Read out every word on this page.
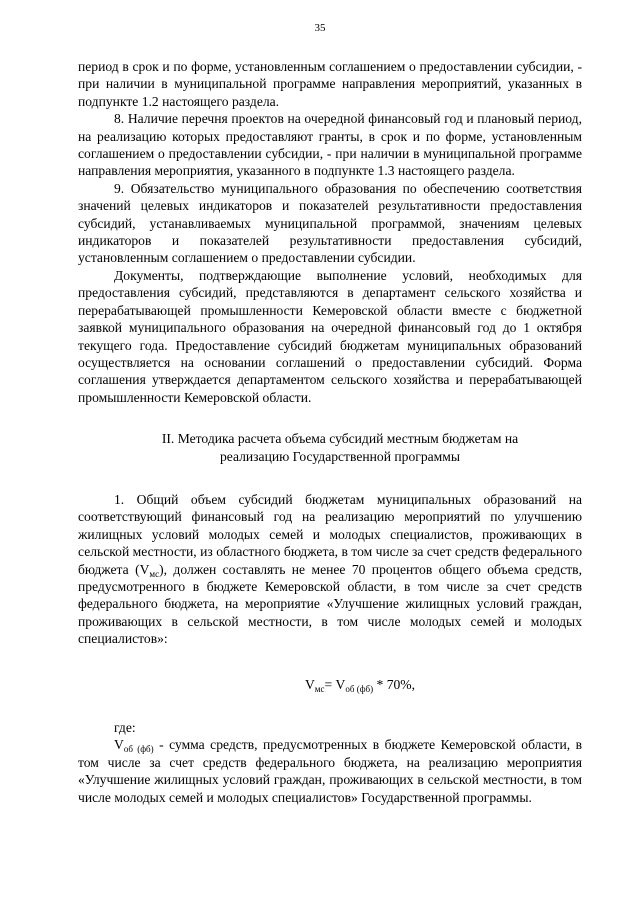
35

период в срок и по форме, установленным соглашением о предоставлении субсидии, - при наличии в муниципальной программе направления мероприятий, указанных в подпункте 1.2 настоящего раздела.

8. Наличие перечня проектов на очередной финансовый год и плановый период, на реализацию которых предоставляют гранты, в срок и по форме, установленным соглашением о предоставлении субсидии, - при наличии в муниципальной программе направления мероприятия, указанного в подпункте 1.3 настоящего раздела.

9. Обязательство муниципального образования по обеспечению соответствия значений целевых индикаторов и показателей результативности предоставления субсидий, устанавливаемых муниципальной программой, значениям целевых индикаторов и показателей результативности предоставления субсидий, установленным соглашением о предоставлении субсидии.

Документы, подтверждающие выполнение условий, необходимых для предоставления субсидий, представляются в департамент сельского хозяйства и перерабатывающей промышленности Кемеровской области вместе с бюджетной заявкой муниципального образования на очередной финансовый год до 1 октября текущего года. Предоставление субсидий бюджетам муниципальных образований осуществляется на основании соглашений о предоставлении субсидий. Форма соглашения утверждается департаментом сельского хозяйства и перерабатывающей промышленности Кемеровской области.

II. Методика расчета объема субсидий местным бюджетам на
реализацию Государственной программы

1. Общий объем субсидий бюджетам муниципальных образований на соответствующий финансовый год на реализацию мероприятий по улучшению жилищных условий молодых семей и молодых специалистов, проживающих в сельской местности, из областного бюджета, в том числе за счет средств федерального бюджета $(V_{мс})$, должен составлять не менее 70 процентов общего объема средств, предусмотренного в бюджете Кемеровской области, в том числе за счет средств федерального бюджета, на мероприятие «Улучшение жилищных условий граждан, проживающих в сельской местности, в том числе молодых семей и молодых специалистов»:

$V_{мс}= V_{об (фб)} * 70\%$,

где:

$V_{об (фб)}$ - сумма средств, предусмотренных в бюджете Кемеровской области, в том числе за счет средств федерального бюджета, на реализацию мероприятия «Улучшение жилищных условий граждан, проживающих в сельской местности, в том числе молодых семей и молодых специалистов» Государственной программы.
